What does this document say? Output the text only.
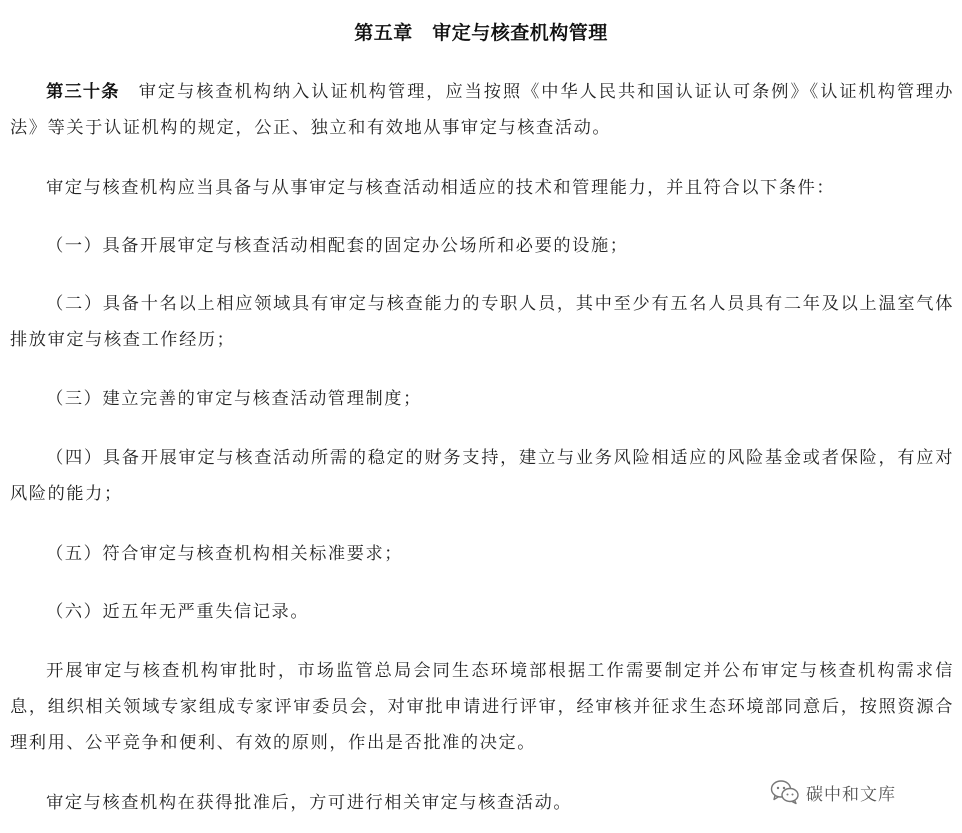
第五章　审定与核查机构管理

第三十条　 审定与核查机构纳入认证机构管理，应当按照《中华人民共和国认证认可条例》《认证机构管理办法》等关于认证机构的规定，公正、独立和有效地从事审定与核查活动。

审定与核查机构应当具备与从事审定与核查活动相适应的技术和管理能力，并且符合以下条件：

（一）具备开展审定与核查活动相配套的固定办公场所和必要的设施；

（二）具备十名以上相应领域具有审定与核查能力的专职人员，其中至少有五名人员具有二年及以上温室气体排放审定与核查工作经历；

（三）建立完善的审定与核查活动管理制度；

（四）具备开展审定与核查活动所需的稳定的财务支持，建立与业务风险相适应的风险基金或者保险，有应对风险的能力；

（五）符合审定与核查机构相关标准要求；

（六）近五年无严重失信记录。

开展审定与核查机构审批时，市场监管总局会同生态环境部根据工作需要制定并公布审定与核查机构需求信息，组织相关领域专家组成专家评审委员会，对审批申请进行评审，经审核并征求生态环境部同意后，按照资源合理利用、公平竞争和便利、有效的原则，作出是否批准的决定。

审定与核查机构在获得批准后，方可进行相关审定与核查活动。	碳中和文库
